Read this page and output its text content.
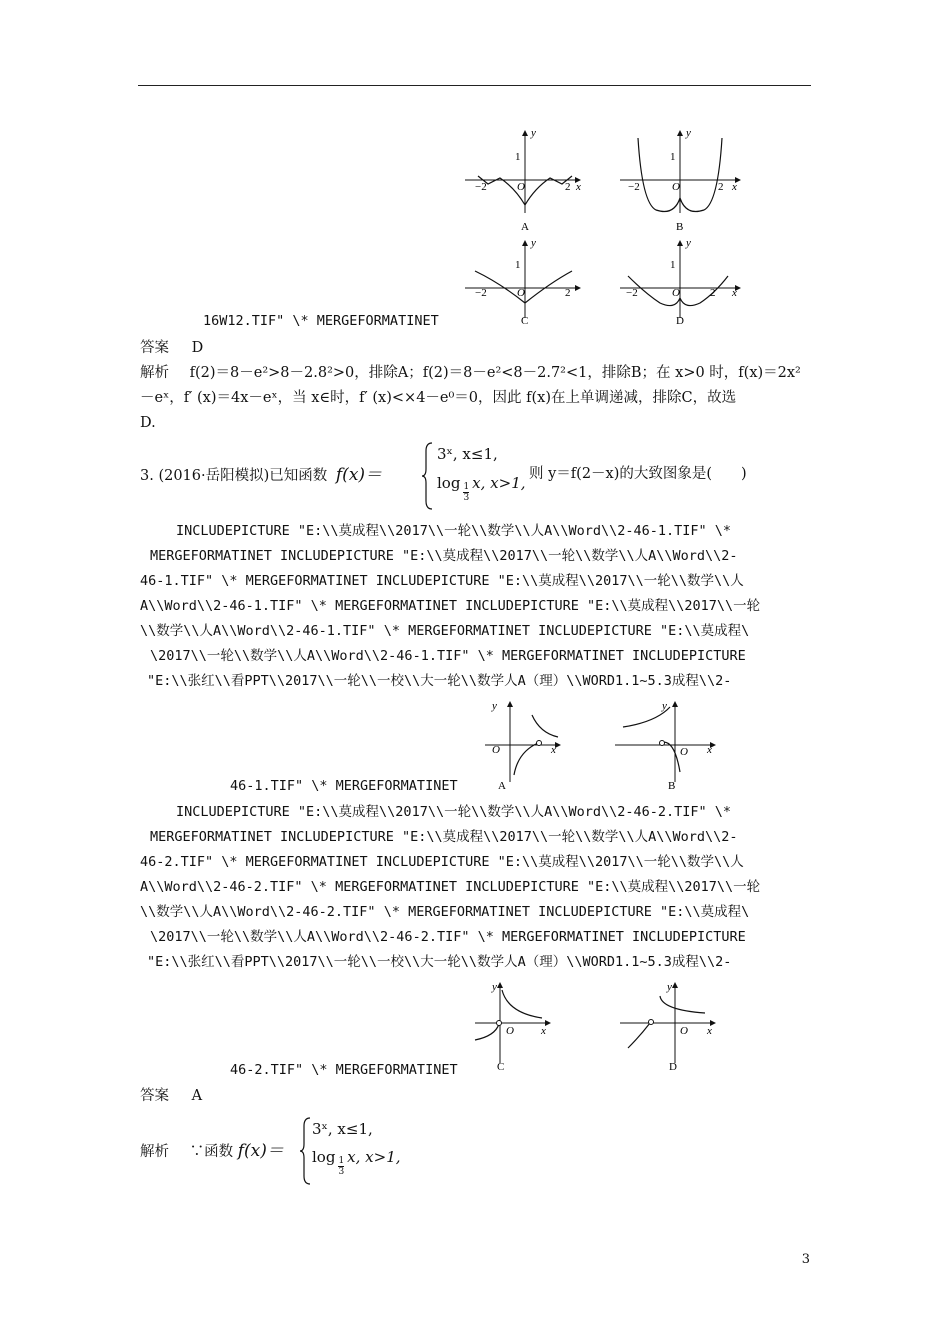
y
1
−2	O	2 x
A
y
1
−2	O	2 x
B
y
1
−2	O	2
C
y
1
−2	O	2 x
D
16W12.TIF" \* MERGEFORMATINET
答案 D
解析 f(2)＝8－e²>8－2.8²>0，排除A；f(2)＝8－e²<8－2.7²<1，排除B；在 x>0 时，f(x)＝2x²
－eˣ，f′ (x)＝4x－eˣ，当 x∈时，f′ (x)<×4－e⁰＝0，因此 f(x)在上单调递减，排除C，故选
D.
3. (2016·岳阳模拟)已知函数 f(x)＝
3ˣ, x≤1,
$\log \frac{1}{3} x$, x>1, 则 y＝f(2－x)的大致图象是(　　)
INCLUDEPICTURE "E:\\莫成程\\2017\\一轮\\数学\\人A\\Word\\2-46-1.TIF" \*
MERGEFORMATINET INCLUDEPICTURE "E:\\莫成程\\2017\\一轮\\数学\\人A\\Word\\2-
46-1.TIF" \* MERGEFORMATINET INCLUDEPICTURE "E:\\莫成程\\2017\\一轮\\数学\\人
A\\Word\\2-46-1.TIF" \* MERGEFORMATINET INCLUDEPICTURE "E:\\莫成程\\2017\\一轮
\\数学\\人A\\Word\\2-46-1.TIF" \* MERGEFORMATINET INCLUDEPICTURE "E:\\莫成程\
\2017\\一轮\\数学\\人A\\Word\\2-46-1.TIF" \* MERGEFORMATINET INCLUDEPICTURE
"E:\\张红\\看PPT\\2017\\一轮\\一校\\大一轮\\数学人A（理）\\WORD1.1~5.3成程\\2-
y
O	x
A
y
O x
B
46-1.TIF" \* MERGEFORMATINET
INCLUDEPICTURE "E:\\莫成程\\2017\\一轮\\数学\\人A\\Word\\2-46-2.TIF" \*
MERGEFORMATINET INCLUDEPICTURE "E:\\莫成程\\2017\\一轮\\数学\\人A\\Word\\2-
46-2.TIF" \* MERGEFORMATINET INCLUDEPICTURE "E:\\莫成程\\2017\\一轮\\数学\\人
A\\Word\\2-46-2.TIF" \* MERGEFORMATINET INCLUDEPICTURE "E:\\莫成程\\2017\\一轮
\\数学\\人A\\Word\\2-46-2.TIF" \* MERGEFORMATINET INCLUDEPICTURE "E:\\莫成程\
\2017\\一轮\\数学\\人A\\Word\\2-46-2.TIF" \* MERGEFORMATINET INCLUDEPICTURE
"E:\\张红\\看PPT\\2017\\一轮\\一校\\大一轮\\数学人A（理）\\WORD1.1~5.3成程\\2-
y
O x
C
y
O x
D
46-2.TIF" \* MERGEFORMATINET
答案 A
解析 ∵函数 f(x)＝
3ˣ, x≤1,
$\log \frac{1}{3} x$, x>1,
3
